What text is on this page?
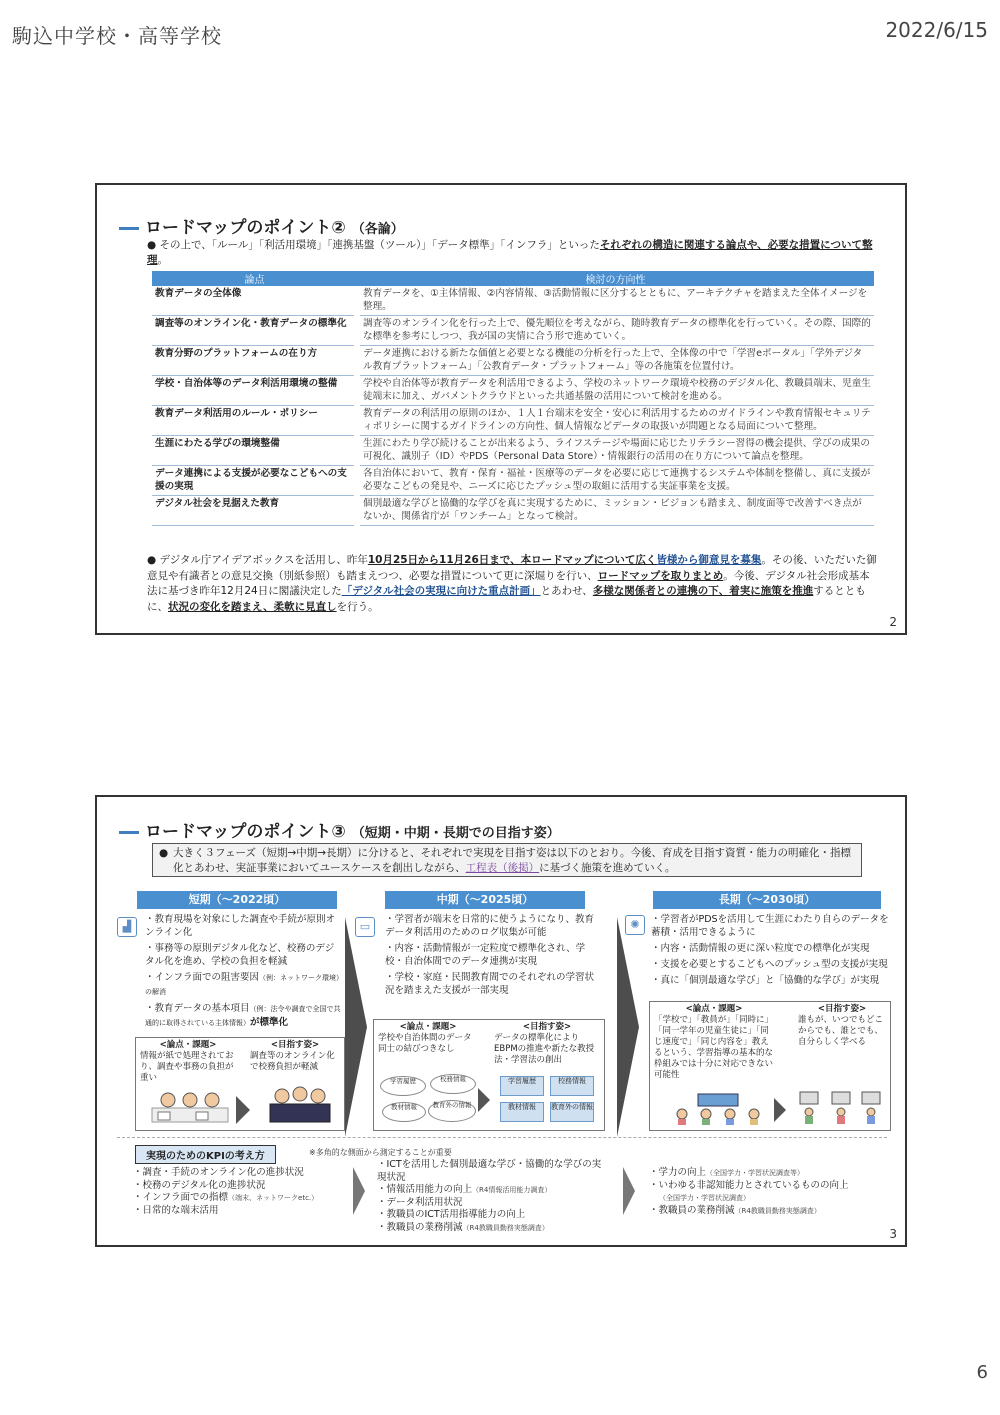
駒込中学校・高等学校	2022/6/15
ロードマップのポイント② （各論）
● その上で、「ルール」「利活用環境」「連携基盤（ツール）」「データ標準」「インフラ」といったそれぞれの構造に関連する論点や、必要な措置について整理。
論点	検討の方向性
教育データの全体像	教育データを、①主体情報、②内容情報、③活動情報に区分するとともに、アーキテクチャを踏まえた全体イメージを整理。
調査等のオンライン化・教育データの標準化	調査等のオンライン化を行った上で、優先順位を考えながら、随時教育データの標準化を行っていく。その際、国際的な標準を参考にしつつ、我が国の実情に合う形で進めていく。
教育分野のプラットフォームの在り方	データ連携における新たな価値と必要となる機能の分析を行った上で、全体像の中で「学習eポータル」「学外デジタル教育プラットフォーム」「公教育データ・プラットフォーム」等の各施策を位置付け。
学校・自治体等のデータ利活用環境の整備	学校や自治体等が教育データを利活用できるよう、学校のネットワーク環境や校務のデジタル化、教職員端末、児童生徒端末に加え、ガバメントクラウドといった共通基盤の活用について検討を進める。
教育データ利活用のルール・ポリシー	教育データの利活用の原則のほか、１人１台端末を安全・安心に利活用するためのガイドラインや教育情報セキュリティポリシーに関するガイドラインの方向性、個人情報などデータの取扱いが問題となる局面について整理。
生涯にわたる学びの環境整備	生涯にわたり学び続けることが出来るよう、ライフステージや場面に応じたリテラシー習得の機会提供、学びの成果の可視化、識別子（ID）やPDS（Personal Data Store）・情報銀行の活用の在り方について論点を整理。
データ連携による支援が必要なこどもへの支援の実現	各自治体において、教育・保育・福祉・医療等のデータを必要に応じて連携するシステムや体制を整備し、真に支援が必要なこどもの発見や、ニーズに応じたプッシュ型の取組に活用する実証事業を支援。
デジタル社会を見据えた教育	個別最適な学びと協働的な学びを真に実現するために、ミッション・ビジョンも踏まえ、制度面等で改善すべき点がないか、関係省庁が「ワンチーム」となって検討。
● デジタル庁アイデアボックスを活用し、昨年10月25日から11月26日まで、本ロードマップについて広く皆様から御意見を募集。その後、いただいた御意見や有識者との意見交換（別紙参照）も踏まえつつ、必要な措置について更に深堀りを行い、ロードマップを取りまとめ。今後、デジタル社会形成基本法に基づき昨年12月24日に閣議決定した「デジタル社会の実現に向けた重点計画」とあわせ、多様な関係者との連携の下、着実に施策を推進するとともに、状況の変化を踏まえ、柔軟に見直しを行う。
2
ロードマップのポイント③ （短期・中期・長期での目指す姿）
● 大きく３フェーズ（短期→中期→長期）に分けると、それぞれで実現を目指す姿は以下のとおり。今後、育成を目指す資質・能力の明確化・指標化とあわせ、実証事業においてユースケースを創出しながら、工程表（後掲）に基づく施策を進めていく。
短期（～2022頃）	中期（～2025頃）	長期（～2030頃）
▟	▭	✺

・教育現場を対象にした調査や手続が原則オンライン化

・事務等の原則デジタル化など、校務のデジタル化を進め、学校の負担を軽減

・インフラ面での阻害要因（例：ネットワーク環境）の解消

・教育データの基本項目（例：法令や調査で全国で共通的に取得されている主体情報）が標準化

<論点・課題>
情報が紙で処理されており、調査や事務の負担が重い
<目指す姿>
調査等のオンライン化で校務負担が軽減

・学習者が端末を日常的に使うようになり、教育データ利活用のためのログ収集が可能

・内容・活動情報が一定粒度で標準化され、学校・自治体間でのデータ連携が実現

・学校・家庭・民間教育間でのそれぞれの学習状況を踏まえた支援が一部実現

<論点・課題>
学校や自治体間のデータ同士の結びつきなし
<目指す姿>
データの標準化によりEBPMの推進や新たな教授法・学習法の創出
学習履歴	校務情報
教材情報	教育外の情報
学習履歴	校務情報
教材情報	教育外の情報

・学習者がPDSを活用して生涯にわたり自らのデータを蓄積・活用できるように

・内容・活動情報の更に深い粒度での標準化が実現

・支援を必要とするこどもへのプッシュ型の支援が実現

・真に「個別最適な学び」と「協働的な学び」が実現

<論点・課題>
「学校で」「教員が」「同時に」「同一学年の児童生徒に」「同じ速度で」「同じ内容を」教えるという、学習指導の基本的な枠組みでは十分に対応できない可能性
<目指す姿>
誰もが、いつでもどこからでも、誰とでも、自分らしく学べる
実現のためのKPIの考え方	※多角的な側面から測定することが重要
・調査・手続のオンライン化の進捗状況
・校務のデジタル化の進捗状況
・インフラ面での指標（端末、ネットワークetc.）
・日常的な端末活用
・ICTを活用した個別最適な学び・協働的な学びの実現状況
・情報活用能力の向上（R4情報活用能力調査）
・データ利活用状況
・教職員のICT活用指導能力の向上
・教職員の業務削減（R4教職員勤務実態調査）
・学力の向上（全国学力・学習状況調査等）
・いわゆる非認知能力とされているものの向上
（全国学力・学習状況調査）
・教職員の業務削減（R4教職員勤務実態調査）
3
6
